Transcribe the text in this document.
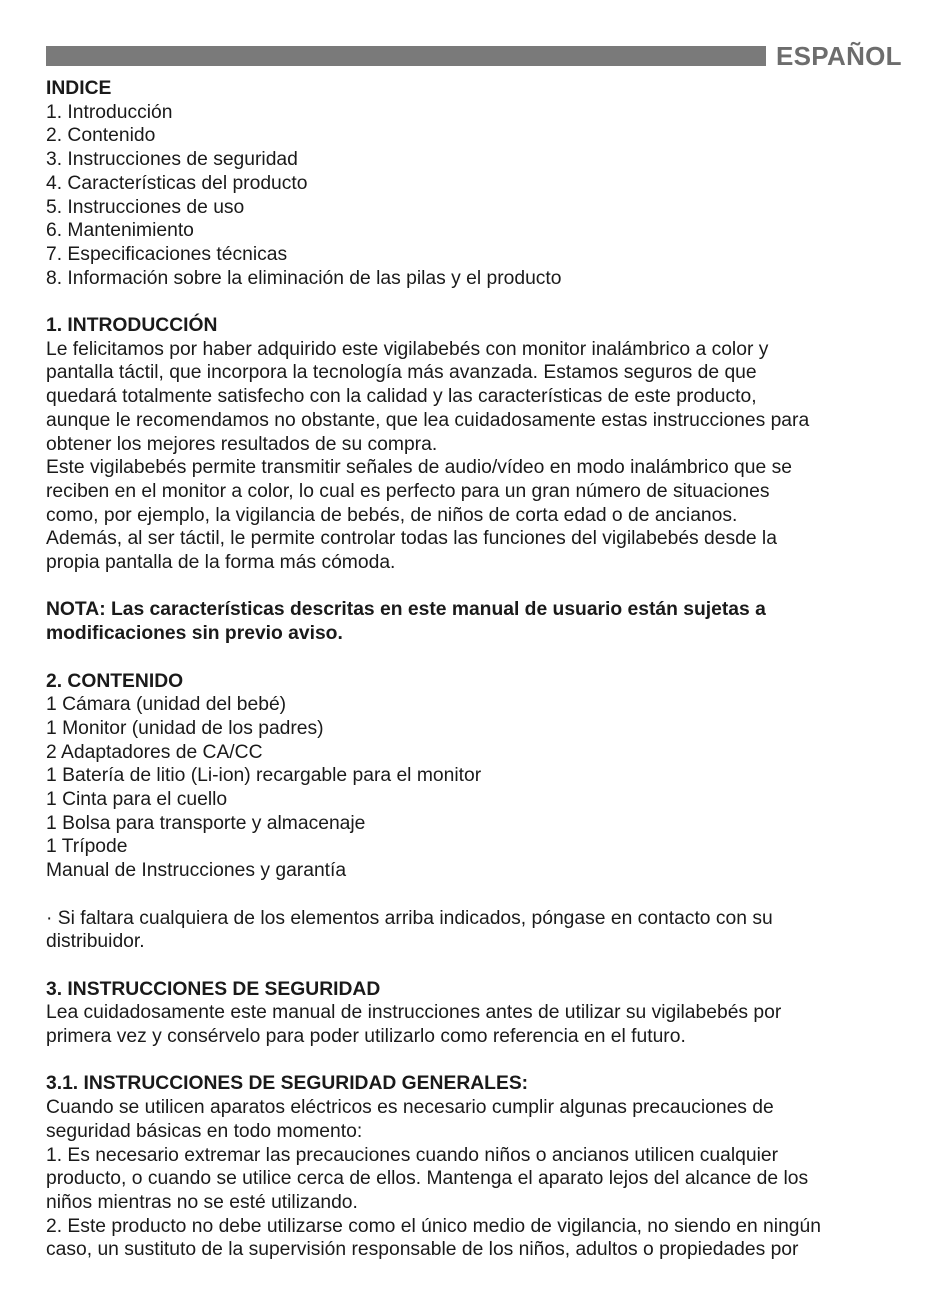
ESPAÑOL

INDICE

1. Introducción

2. Contenido

3. Instrucciones de seguridad

4. Características del producto

5. Instrucciones de uso

6. Mantenimiento

7. Especificaciones técnicas

8. Información sobre la eliminación de las pilas y el producto

1. INTRODUCCIÓN

Le felicitamos por haber adquirido este vigilabebés con monitor inalámbrico a color y

pantalla táctil, que incorpora la tecnología más avanzada. Estamos seguros de que

quedará totalmente satisfecho con la calidad y las características de este producto,

aunque le recomendamos no obstante, que lea cuidadosamente estas instrucciones para

obtener los mejores resultados de su compra.

Este vigilabebés permite transmitir señales de audio/vídeo en modo inalámbrico que se

reciben en el monitor a color, lo cual es perfecto para un gran número de situaciones

como, por ejemplo, la vigilancia de bebés, de niños de corta edad o de ancianos.

Además, al ser táctil, le permite controlar todas las funciones del vigilabebés desde la

propia pantalla de la forma más cómoda.

NOTA: Las características descritas en este manual de usuario están sujetas a

modificaciones sin previo aviso.

2. CONTENIDO

1 Cámara (unidad del bebé)

1 Monitor (unidad de los padres)

2 Adaptadores de CA/CC

1 Batería de litio (Li-ion) recargable para el monitor

1 Cinta para el cuello

1 Bolsa para transporte y almacenaje

1 Trípode

Manual de Instrucciones y garantía

· Si faltara cualquiera de los elementos arriba indicados, póngase en contacto con su

distribuidor.

3. INSTRUCCIONES DE SEGURIDAD

Lea cuidadosamente este manual de instrucciones antes de utilizar su vigilabebés por

primera vez y consérvelo para poder utilizarlo como referencia en el futuro.

3.1. INSTRUCCIONES DE SEGURIDAD GENERALES:

Cuando se utilicen aparatos eléctricos es necesario cumplir algunas precauciones de

seguridad básicas en todo momento:

1. Es necesario extremar las precauciones cuando niños o ancianos utilicen cualquier

producto, o cuando se utilice cerca de ellos. Mantenga el aparato lejos del alcance de los

niños mientras no se esté utilizando.

2. Este producto no debe utilizarse como el único medio de vigilancia, no siendo en ningún

caso, un sustituto de la supervisión responsable de los niños, adultos o propiedades por
